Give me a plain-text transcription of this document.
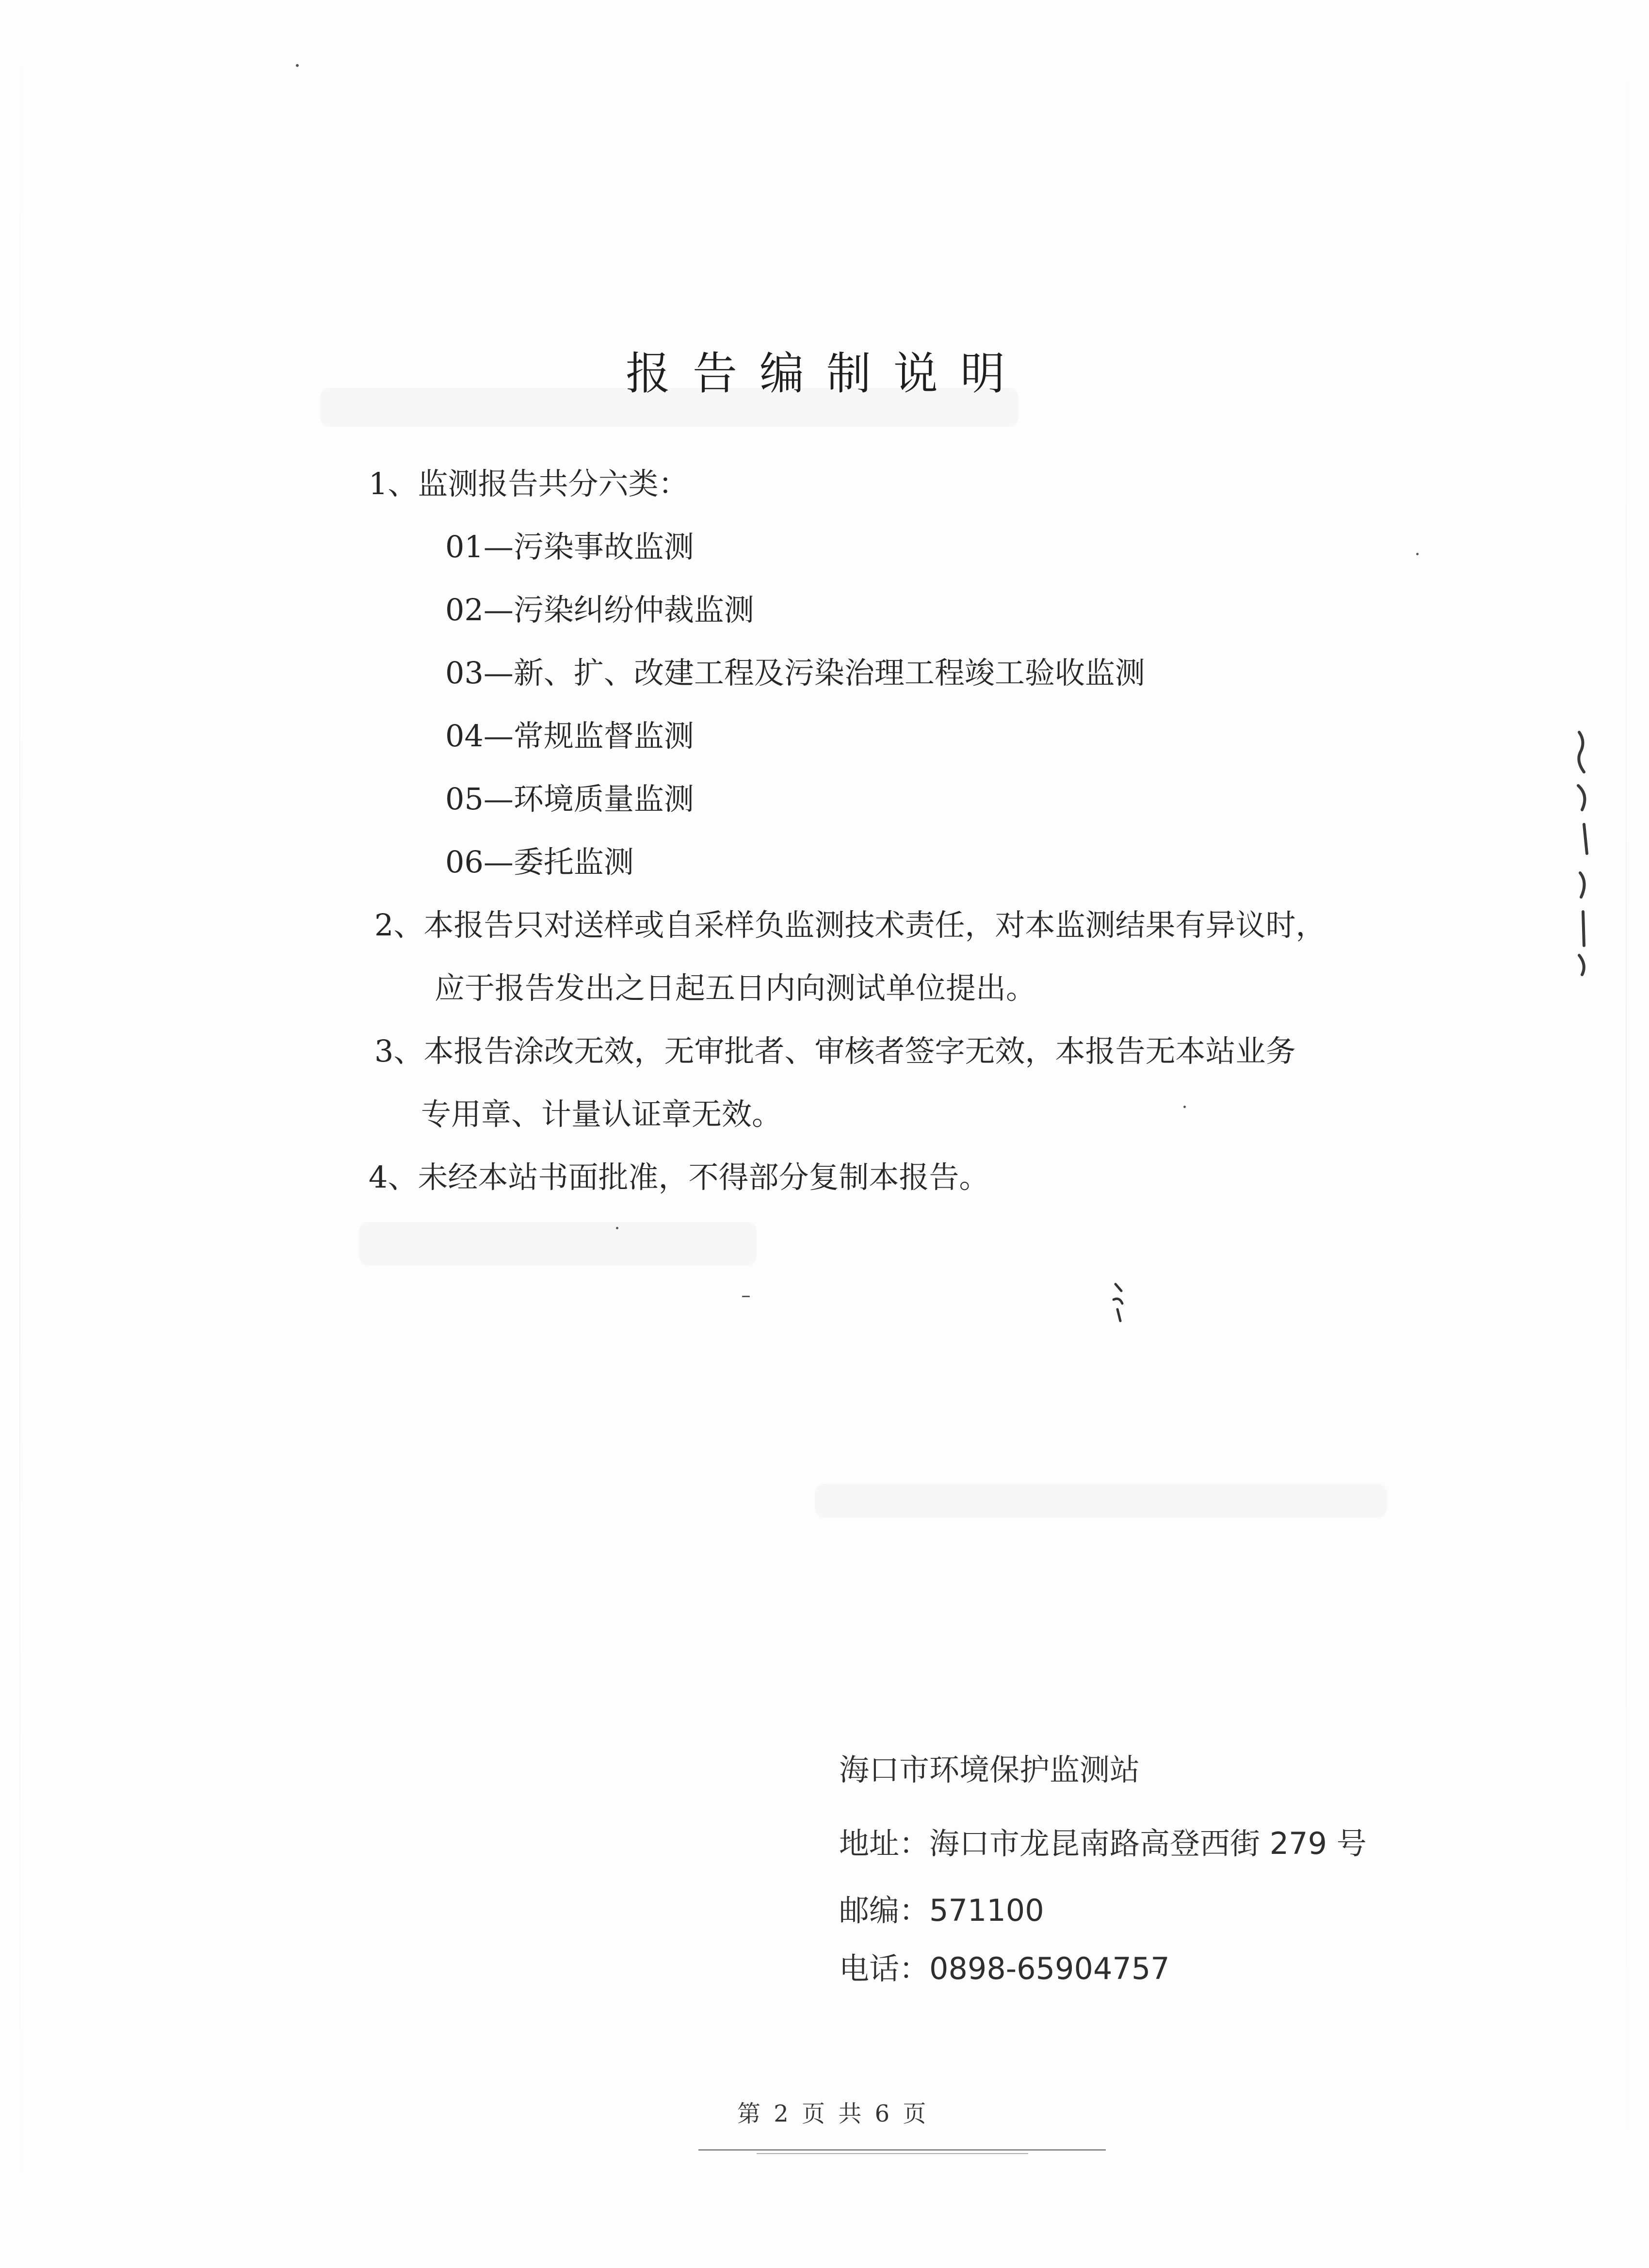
报告编制说明
1、监测报告共分六类：
01—污染事故监测
02—污染纠纷仲裁监测
03—新、扩、改建工程及污染治理工程竣工验收监测
04—常规监督监测
05—环境质量监测
06—委托监测
2、本报告只对送样或自采样负监测技术责任，对本监测结果有异议时，
应于报告发出之日起五日内向测试单位提出。
3、本报告涂改无效，无审批者、审核者签字无效，本报告无本站业务
专用章、计量认证章无效。
4、未经本站书面批准，不得部分复制本报告。
海口市环境保护监测站
地址：海口市龙昆南路高登西街 279 号
邮编：571100
电话：0898-65904757
第 2 页 共 6 页
